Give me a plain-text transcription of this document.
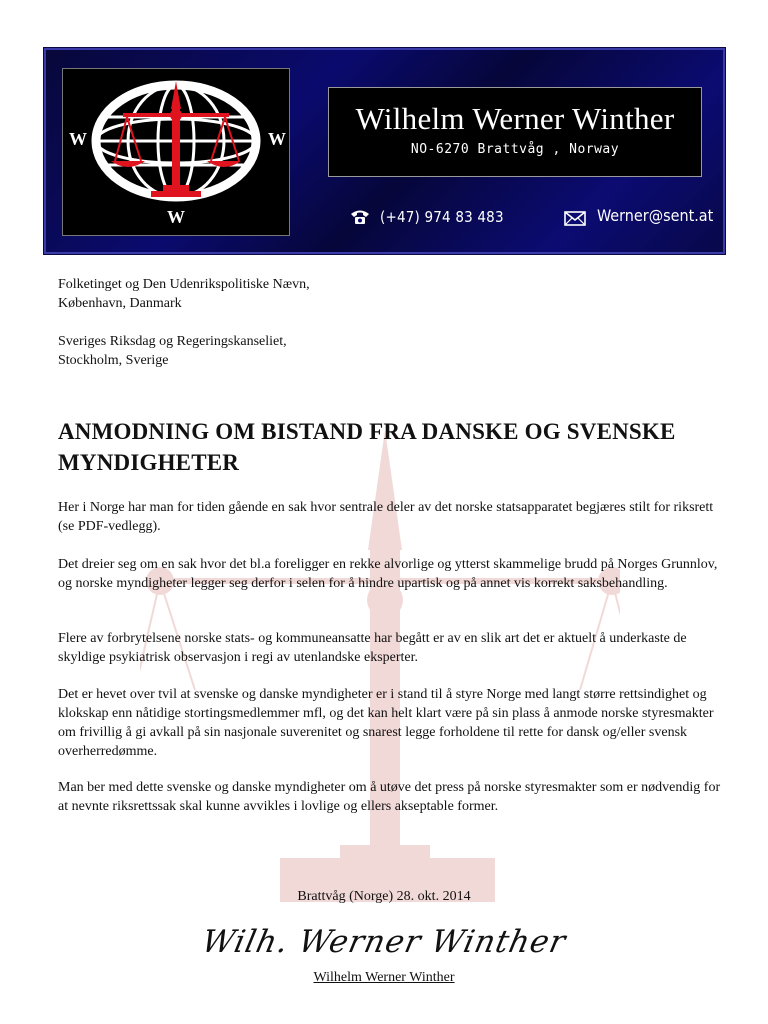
W	W
W
Wilhelm Werner Winther
NO-6270 Brattvåg , Norway
(+47) 974 83 483	Werner@sent.at
Folketinget og Den Udenrikspolitiske Nævn,
København, Danmark
Sveriges Riksdag og Regeringskanseliet,
Stockholm, Sverige
ANMODNING OM BISTAND FRA DANSKE OG SVENSKE
MYNDIGHETER
Her i Norge har man for tiden gående en sak hvor sentrale deler av det norske statsapparatet begjæres stilt for riksrett (se PDF-vedlegg).
Det dreier seg om en sak hvor det bl.a foreligger en rekke alvorlige og ytterst skammelige brudd på Norges Grunnlov, og norske myndigheter legger seg derfor i selen for å hindre upartisk og på annet vis korrekt saksbehandling.
Flere av forbrytelsene norske stats- og kommuneansatte har begått er av en slik art det er aktuelt å underkaste de skyldige psykiatrisk observasjon i regi av utenlandske eksperter.
Det er hevet over tvil at svenske og danske myndigheter er i stand til å styre Norge med langt større rettsindighet og klokskap enn nåtidige stortingsmedlemmer mfl, og det kan helt klart være på sin plass å anmode norske styresmakter om frivillig å gi avkall på sin nasjonale suverenitet og snarest legge forholdene til rette for dansk og/eller svensk overherredømme.
Man ber med dette svenske og danske myndigheter om å utøve det press på norske styresmakter som er nødvendig for at nevnte riksrettssak skal kunne avvikles i lovlige og ellers akseptable former.
Brattvåg (Norge) 28. okt. 2014
Wilh. Werner Winther
Wilhelm Werner Winther
